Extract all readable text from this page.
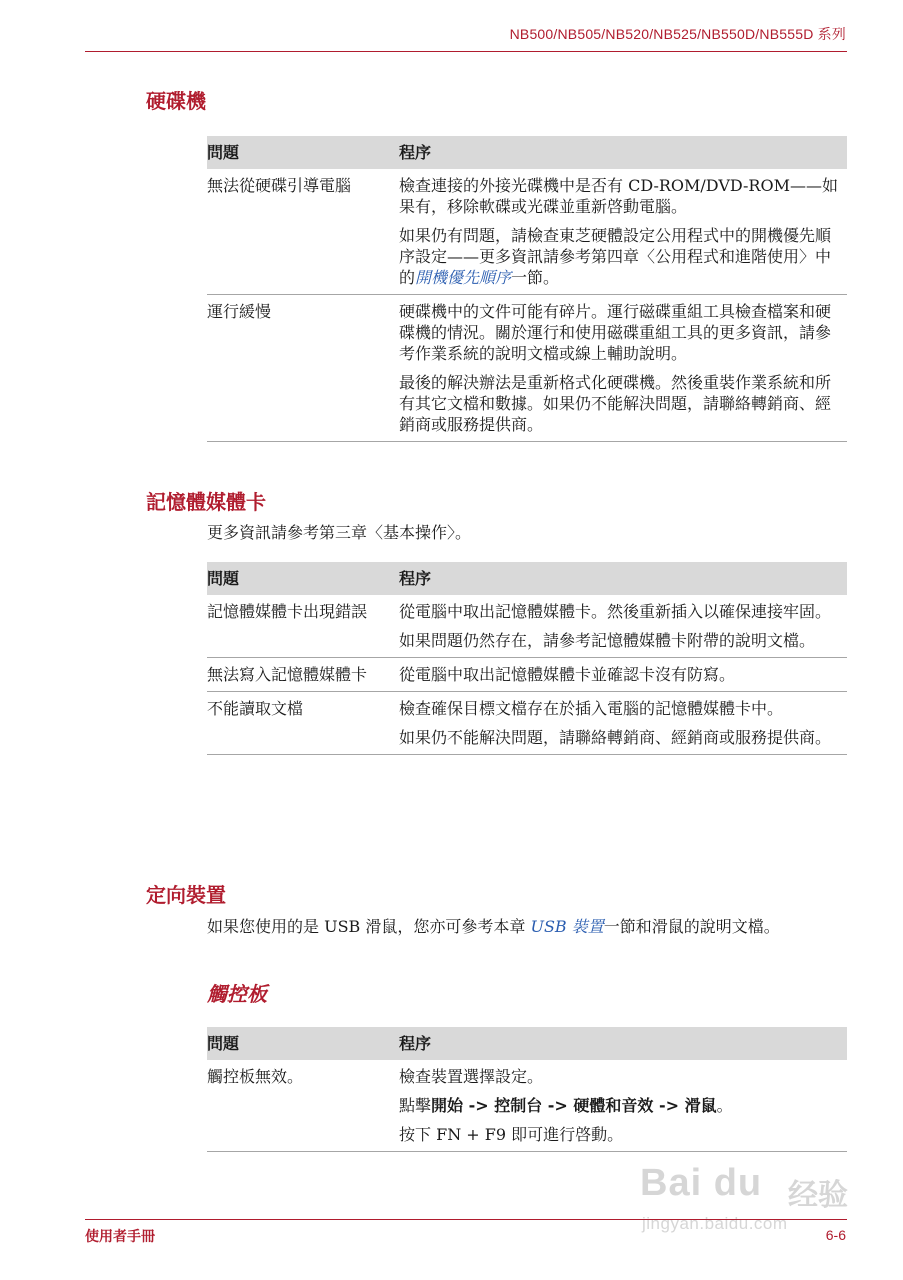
NB500/NB505/NB520/NB525/NB550D/NB555D 系列
硬碟機
問題	程序
無法從硬碟引導電腦	檢查連接的外接光碟機中是否有 CD-ROM/DVD-ROM——如果有，移除軟碟或光碟並重新啓動電腦。

如果仍有問題，請檢查東芝硬體設定公用程式中的開機優先順序設定——更多資訊請參考第四章〈公用程式和進階使用〉中的開機優先順序一節。

運行緩慢	硬碟機中的文件可能有碎片。運行磁碟重組工具檢查檔案和硬碟機的情況。關於運行和使用磁碟重組工具的更多資訊，請參考作業系統的說明文檔或線上輔助說明。

最後的解決辦法是重新格式化硬碟機。然後重裝作業系統和所有其它文檔和數據。如果仍不能解決問題，請聯絡轉銷商、經銷商或服務提供商。

記憶體媒體卡
更多資訊請參考第三章〈基本操作〉。
問題	程序
記憶體媒體卡出現錯誤	從電腦中取出記憶體媒體卡。然後重新插入以確保連接牢固。

如果問題仍然存在，請參考記憶體媒體卡附帶的說明文檔。

無法寫入記憶體媒體卡	從電腦中取出記憶體媒體卡並確認卡沒有防寫。

不能讀取文檔	檢查確保目標文檔存在於插入電腦的記憶體媒體卡中。

如果仍不能解決問題，請聯絡轉銷商、經銷商或服務提供商。

定向裝置
如果您使用的是 USB 滑鼠，您亦可參考本章 USB 裝置一節和滑鼠的說明文檔。
觸控板
問題	程序
觸控板無效。	檢查裝置選擇設定。

點擊開始 -> 控制台 -> 硬體和音效 -> 滑鼠。

按下 FN + F9 即可進行啓動。

Bai du 经验
jingyan.baidu.com
使用者手冊	6-6
